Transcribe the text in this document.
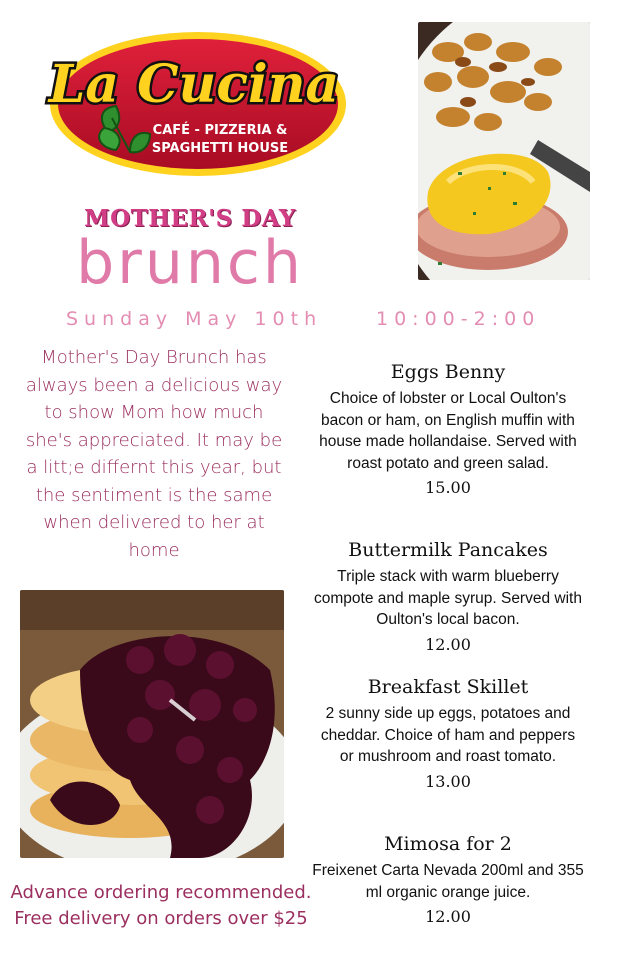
La Cucina
CAFÉ - PIZZERIA &
SPAGHETTI HOUSE
MOTHER'S DAY
brunch
Sunday May 10th	10:00-2:00
Mother's Day Brunch has always been a delicious way to show Mom how much she's appreciated. It may be a litt;e differnt this year, but the sentiment is the same when delivered to her at home
Eggs Benny
Choice of lobster or Local Oulton's bacon or ham, on English muffin with house made hollandaise. Served with roast potato and green salad.
15.00
Buttermilk Pancakes
Triple stack with warm blueberry compote and maple syrup. Served with Oulton's local bacon.
12.00
Breakfast Skillet
2 sunny side up eggs, potatoes and cheddar. Choice of ham and peppers or mushroom and roast tomato.
13.00
Mimosa for 2
Freixenet Carta Nevada 200ml and 355 ml organic orange juice.
12.00
Advance ordering recommended.
Free delivery on orders over $25
